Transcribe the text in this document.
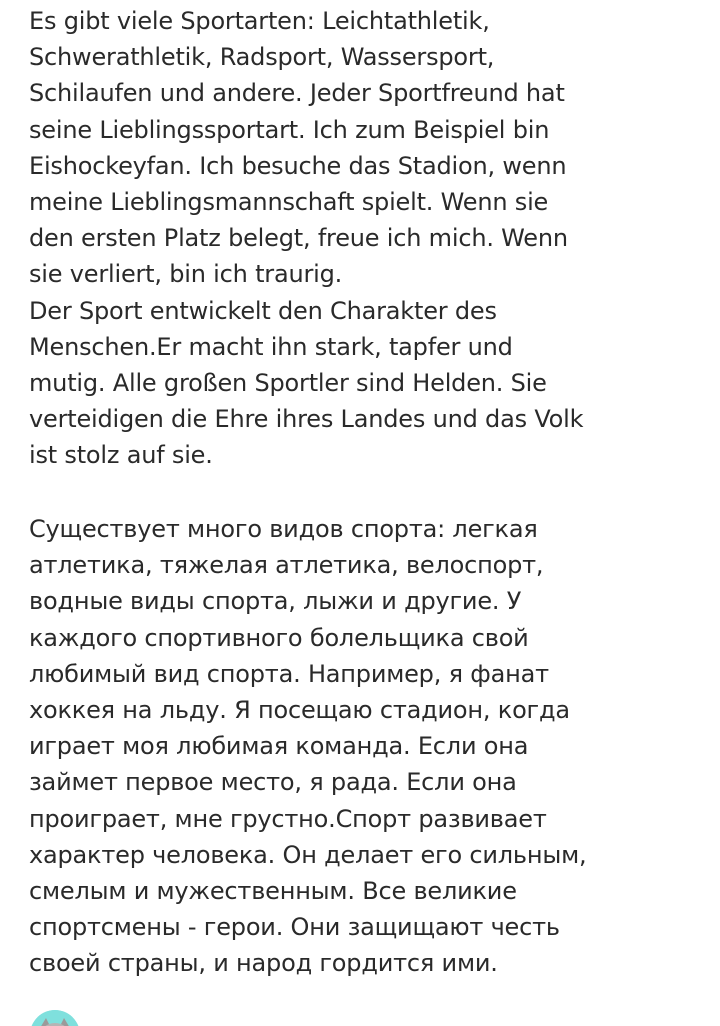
Es gibt viele Sportarten: Leichtathletik,
Schwerathletik, Radsport, Wassersport,
Schilaufen und andere. Jeder Sportfreund hat
seine Lieblingssportart. Ich zum Beispiel bin
Eishockeyfan. Ich besuche das Stadion, wenn
meine Lieblingsmannschaft spielt. Wenn sie
den ersten Platz belegt, freue ich mich. Wenn
sie verliert, bin ich traurig.
Der Sport entwickelt den Charakter des
Menschen.Er macht ihn stark, tapfer und
mutig. Alle großen Sportler sind Helden. Sie
verteidigen die Ehre ihres Landes und das Volk
ist stolz auf sie.

Существует много видов спорта: легкая
атлетика, тяжелая атлетика, велоспорт,
водные виды спорта, лыжи и другие. У
каждого спортивного болельщика свой
любимый вид спорта. Например, я фанат
хоккея на льду. Я посещаю стадион, когда
играет моя любимая команда. Если она
займет первое место, я рада. Если она
проиграет, мне грустно.Спорт развивает
характер человека. Он делает его сильным,
смелым и мужественным. Все великие
спортсмены - герои. Они защищают честь
своей страны, и народ гордится ими.
